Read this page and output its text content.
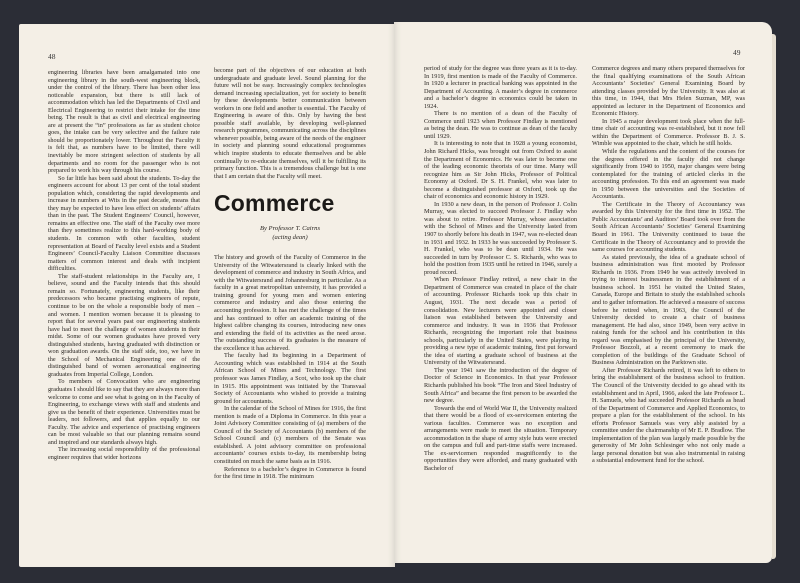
48	49

engineering libraries have been amalgamated into one engineering library in the south-west engineering block, under the control of the library. There has been other less noticeable expansion, but there is still lack of accommodation which has led the Departments of Civil and Electrical Engineering to restrict their intake for the time being. The result is that as civil and electrical engineering are at present the “in” professions as far as student choice goes, the intake can be very selective and the failure rate should be proportionately lower. Throughout the Faculty it is felt that, as numbers have to be limited, there will inevitably be more stringent selection of students by all departments and no room for the passenger who is not prepared to work his way through his course.

So far little has been said about the students. To-day the engineers account for about 13 per cent of the total student population which, considering the rapid developments and increase in numbers at Wits in the past decade, means that they may be expected to have less effect on students’ affairs than in the past. The Student Engineers’ Council, however, remains an effective one. The staff of the Faculty owe more than they sometimes realize to this hard-working body of students. In common with other faculties, student representation at Board of Faculty level exists and a Student Engineers’ Council-Faculty Liaison Committee discusses matters of common interest and deals with incipient difficulties.

The staff-student relationships in the Faculty are, I believe, sound and the Faculty intends that this should remain so. Fortunately, engineering students, like their predecessors who became practising engineers of repute, continue to be on the whole a responsible body of men – and women. I mention women because it is pleasing to report that for several years past our engineering students have had to meet the challenge of women students in their midst. Some of our women graduates have proved very distinguished students, having graduated with distinction or won graduation awards. On the staff side, too, we have in the School of Mechanical Engineering one of the distinguished band of women aeronautical engineering graduates from Imperial College, London.

To members of Convocation who are engineering graduates I should like to say that they are always more than welcome to come and see what is going on in the Faculty of Engineering, to exchange views with staff and students and give us the benefit of their experience. Universities must be leaders, not followers, and that applies equally to our Faculty. The advice and experience of practising engineers can be most valuable so that our planning remains sound and inspired and our standards always high.

The increasing social responsibility of the professional engineer requires that wider horizons

become part of the objectives of our education at both undergraduate and graduate level. Sound planning for the future will not be easy. Increasingly complex technologies demand increasing specialization, yet for society to benefit by these developments better communication between workers in one field and another is essential. The Faculty of Engineering is aware of this. Only by having the best possible staff available, by developing well-planned research programmes, communicating across the disciplines whenever possible, being aware of the needs of the engineer in society and planning sound educational programmes which inspire students to educate themselves and be able continually to re-educate themselves, will it be fulfilling its primary function. This is a tremendous challenge but is one that I am certain that the Faculty will meet.

Commerce
By Professor T. Cairns
(acting dean)

The history and growth of the Faculty of Commerce in the University of the Witwatersrand is clearly linked with the development of commerce and industry in South Africa, and with the Witwatersrand and Johannesburg in particular. As a faculty in a great metropolitan university, it has provided a training ground for young men and women entering commerce and industry and also those entering the accounting profession. It has met the challenge of the times and has continued to offer an academic training of the highest calibre changing its courses, introducing new ones and extending the field of its activities as the need arose. The outstanding success of its graduates is the measure of the excellence it has achieved.

The faculty had its beginning in a Department of Accounting which was established in 1914 at the South African School of Mines and Technology. The first professor was James Findlay, a Scot, who took up the chair in 1915. His appointment was initiated by the Transvaal Society of Accountants who wished to provide a training ground for accountants.

In the calendar of the School of Mines for 1916, the first mention is made of a Diploma in Commerce. In this year a Joint Advisory Committee consisting of (a) members of the Council of the Society of Accountants (b) members of the School Council and (c) members of the Senate was established. A joint advisory committee on professional accountants’ courses exists to-day, its membership being constituted on much the same basis as in 1916.

Reference to a bachelor’s degree in Commerce is found for the first time in 1918. The minimum

period of study for the degree was three years as it is to-day. In 1919, first mention is made of the Faculty of Commerce. In 1920 a lecturer in practical banking was appointed in the Department of Accounting. A master’s degree in commerce and a bachelor’s degree in economics could be taken in 1924.

There is no mention of a dean of the Faculty of Commerce until 1923 when Professor Findlay is mentioned as being the dean. He was to continue as dean of the faculty until 1929.

It is interesting to note that in 1928 a young economist, John Richard Hicks, was brought out from Oxford to assist the Department of Economics. He was later to become one of the leading economic theorists of our time. Many will recognize him as Sir John Hicks, Professor of Political Economy at Oxford. Dr S. H. Frankel, who was later to become a distinguished professor at Oxford, took up the chair of economics and economic history in 1929.

In 1930 a new dean, in the person of Professor J. Colin Murray, was elected to succeed Professor J. Findlay who was about to retire. Professor Murray, whose association with the School of Mines and the University lasted from 1907 to shortly before his death in 1947, was re-elected dean in 1931 and 1932. In 1933 he was succeeded by Professor S. H. Frankel, who was to be dean until 1934. He was succeeded in turn by Professor C. S. Richards, who was to hold the position from 1935 until he retired in 1946, surely a proud record.

When Professor Findlay retired, a new chair in the Department of Commerce was created in place of the chair of accounting. Professor Richards took up this chair in August, 1931. The next decade was a period of consolidation. New lecturers were appointed and closer liaison was established between the University and commerce and industry. It was in 1936 that Professor Richards, recognizing the important role that business schools, particularly in the United States, were playing in providing a new type of academic training, first put forward the idea of starting a graduate school of business at the University of the Witwatersrand.

The year 1941 saw the introduction of the degree of Doctor of Science in Economics. In that year Professor Richards published his book “The Iron and Steel Industry of South Africa” and became the first person to be awarded the new degree.

Towards the end of World War II, the University realized that there would be a flood of ex-servicemen entering the various faculties. Commerce was no exception and arrangements were made to meet the situation. Temporary accommodation in the shape of army style huts were erected on the campus and full and part-time staffs were increased. The ex-servicemen responded magnificently to the opportunities they were afforded, and many graduated with Bachelor of

Commerce degrees and many others prepared themselves for the final qualifying examinations of the South African Accountants’ Societies’ General Examining Board by attending classes provided by the University. It was also at this time, in 1944, that Mrs Helen Suzman, MP, was appointed as lecturer in the Department of Economics and Economic History.

In 1945 a major development took place when the full-time chair of accounting was re-established, but it now fell within the Department of Commerce. Professor B. J. S. Wimble was appointed to the chair, which he still holds.

While the regulations and the content of the courses for the degrees offered in the faculty did not change significantly from 1940 to 1950, major changes were being contemplated for the training of articled clerks in the accounting profession. To this end an agreement was made in 1950 between the universities and the Societies of Accountants.

The Certificate in the Theory of Accountancy was awarded by this University for the first time in 1952. The Public Accountants’ and Auditors’ Board took over from the South African Accountants’ Societies’ General Examining Board in 1961. The University continued to issue the Certificate in the Theory of Accountancy and to provide the same courses for accounting students.

As stated previously, the idea of a graduate school of business administration was first mooted by Professor Richards in 1936. From 1949 he was actively involved in trying to interest businessmen in the establishment of a business school. In 1951 he visited the United States, Canada, Europe and Britain to study the established schools and to gather information. He achieved a measure of success before he retired when, in 1963, the Council of the University decided to create a chair of business management. He had also, since 1949, been very active in raising funds for the school and his contribution in this regard was emphasised by the principal of the University, Professor Bozzoli, at a recent ceremony to mark the completion of the buildings of the Graduate School of Business Administration on the Parktown site.

After Professor Richards retired, it was left to others to bring the establishment of the business school to fruition. The Council of the University decided to go ahead with its establishment and in April, 1966, asked the late Professor L. H. Samuels, who had succeeded Professor Richards as head of the Department of Commerce and Applied Economics, to prepare a plan for the establishment of the school. In his efforts Professor Samuels was very ably assisted by a committee under the chairmanship of Mr E. P. Bradlow. The implementation of the plan was largely made possible by the generosity of Mr John Schlesinger who not only made a large personal donation but was also instrumental in raising a substantial endowment fund for the school.
